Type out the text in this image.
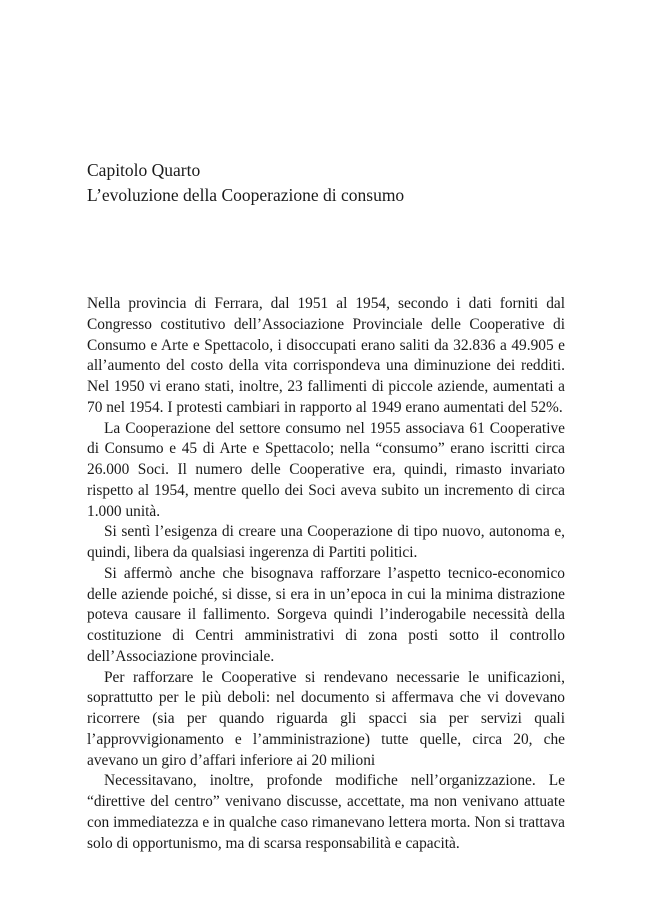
Capitolo Quarto
L’evoluzione della Cooperazione di consumo

Nella provincia di Ferrara, dal 1951 al 1954, secondo i dati forniti dal Congresso costitutivo dell’Associazione Provinciale delle Cooperative di Consumo e Arte e Spettacolo, i disoccupati erano saliti da 32.836 a 49.905 e all’aumento del costo della vita corrispondeva una diminuzione dei redditi. Nel 1950 vi erano stati, inoltre, 23 fallimenti di piccole aziende, aumentati a 70 nel 1954. I protesti cambiari in rapporto al 1949 erano aumentati del 52%.

La Cooperazione del settore consumo nel 1955 associava 61 Cooperative di Consumo e 45 di Arte e Spettacolo; nella “consumo” erano iscritti circa 26.000 Soci. Il numero delle Cooperative era, quindi, rimasto invariato rispetto al 1954, mentre quello dei Soci aveva subito un incremento di circa 1.000 unità.

Si sentì l’esigenza di creare una Cooperazione di tipo nuovo, autonoma e, quindi, libera da qualsiasi ingerenza di Partiti politici.

Si affermò anche che bisognava rafforzare l’aspetto tecnico-economico delle aziende poiché, si disse, si era in un’epoca in cui la minima distrazione poteva causare il fallimento. Sorgeva quindi l’inderogabile necessità della costituzione di Centri amministrativi di zona posti sotto il controllo dell’Associazione provinciale.

Per rafforzare le Cooperative si rendevano necessarie le unificazioni, soprattutto per le più deboli: nel documento si affermava che vi dovevano ricorrere (sia per quando riguarda gli spacci sia per servizi quali l’approvvigionamento e l’amministrazione) tutte quelle, circa 20, che avevano un giro d’affari inferiore ai 20 milioni

Necessitavano, inoltre, profonde modifiche nell’organizzazione. Le “direttive del centro” venivano discusse, accettate, ma non venivano attuate con immediatezza e in qualche caso rimanevano lettera morta. Non si trattava solo di opportunismo, ma di scarsa responsabilità e capacità.
